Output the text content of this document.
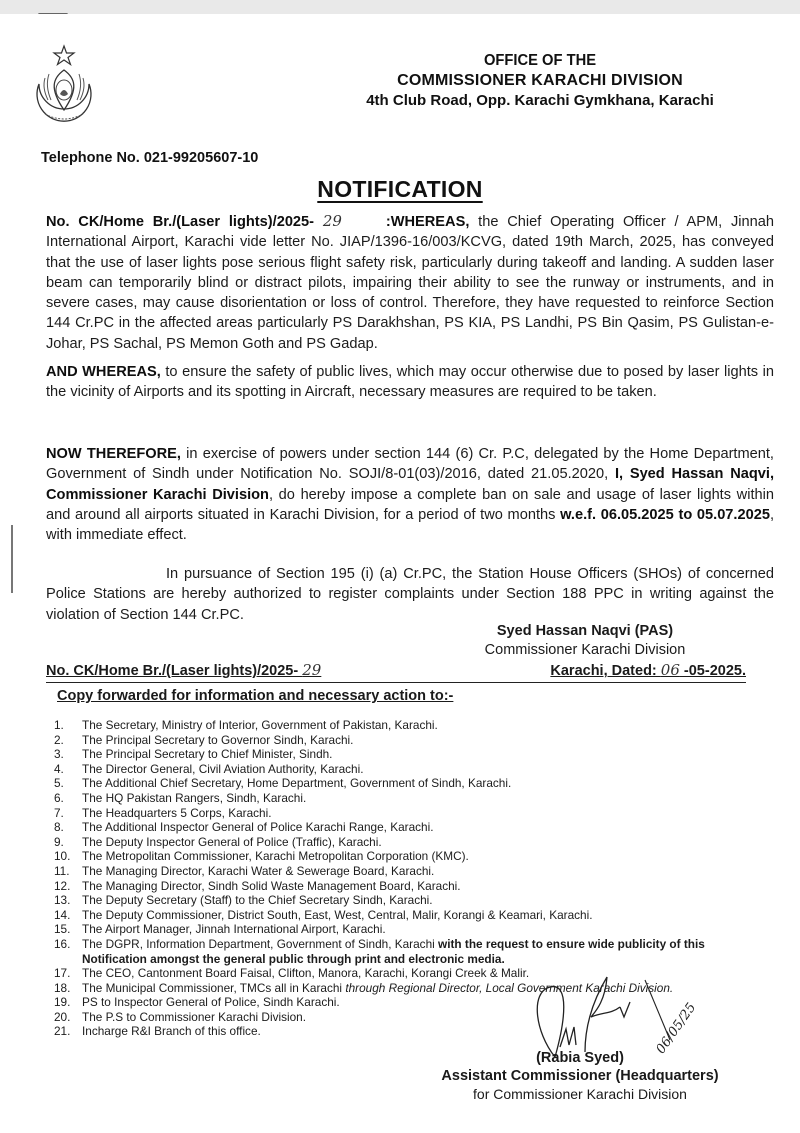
OFFICE OF THE
COMMISSIONER KARACHI DIVISION
4th Club Road, Opp. Karachi Gymkhana, Karachi
Telephone No. 021-99205607-10
NOTIFICATION
No. CK/Home Br./(Laser lights)/2025- 29	:WHEREAS, the Chief Operating Officer / APM, Jinnah International Airport, Karachi vide letter No. JIAP/1396-16/003/KCVG, dated 19th March, 2025, has conveyed that the use of laser lights pose serious flight safety risk, particularly during takeoff and landing. A sudden laser beam can temporarily blind or distract pilots, impairing their ability to see the runway or instruments, and in severe cases, may cause disorientation or loss of control. Therefore, they have requested to reinforce Section 144 Cr.PC in the affected areas particularly PS Darakhshan, PS KIA, PS Landhi, PS Bin Qasim, PS Gulistan-e-Johar, PS Sachal, PS Memon Goth and PS Gadap.
AND WHEREAS, to ensure the safety of public lives, which may occur otherwise due to posed by laser lights in the vicinity of Airports and its spotting in Aircraft, necessary measures are required to be taken.
NOW THEREFORE, in exercise of powers under section 144 (6) Cr. P.C, delegated by the Home Department, Government of Sindh under Notification No. SOJI/8-01(03)/2016, dated 21.05.2020, I, Syed Hassan Naqvi, Commissioner Karachi Division, do hereby impose a complete ban on sale and usage of laser lights within and around all airports situated in Karachi Division, for a period of two months w.e.f. 06.05.2025 to 05.07.2025, with immediate effect.
In pursuance of Section 195 (i) (a) Cr.PC, the Station House Officers (SHOs) of concerned Police Stations are hereby authorized to register complaints under Section 188 PPC in writing against the violation of Section 144 Cr.PC.
Syed Hassan Naqvi (PAS)
Commissioner Karachi Division
No. CK/Home Br./(Laser lights)/2025- 29	Karachi, Dated: 06 -05-2025.
Copy forwarded for information and necessary action to:-
1.	The Secretary, Ministry of Interior, Government of Pakistan, Karachi.
2.	The Principal Secretary to Governor Sindh, Karachi.
3.	The Principal Secretary to Chief Minister, Sindh.
4.	The Director General, Civil Aviation Authority, Karachi.
5.	The Additional Chief Secretary, Home Department, Government of Sindh, Karachi.
6.	The HQ Pakistan Rangers, Sindh, Karachi.
7.	The Headquarters 5 Corps, Karachi.
8.	The Additional Inspector General of Police Karachi Range, Karachi.
9.	The Deputy Inspector General of Police (Traffic), Karachi.
10. The Metropolitan Commissioner, Karachi Metropolitan Corporation (KMC).
11.	The Managing Director, Karachi Water & Sewerage Board, Karachi.
12. The Managing Director, Sindh Solid Waste Management Board, Karachi.
13. The Deputy Secretary (Staff) to the Chief Secretary Sindh, Karachi.
14. The Deputy Commissioner, District South, East, West, Central, Malir, Korangi & Keamari, Karachi.
15. The Airport Manager, Jinnah International Airport, Karachi.
16. The DGPR, Information Department, Government of Sindh, Karachi with the request to ensure wide publicity of this Notification amongst the general public through print and electronic media.
17. The CEO, Cantonment Board Faisal, Clifton, Manora, Karachi, Korangi Creek & Malir.
18. The Municipal Commissioner, TMCs all in Karachi through Regional Director, Local Government Karachi Division.
19. PS to Inspector General of Police, Sindh Karachi.
20. The P.S to Commissioner Karachi Division.
21. Incharge R&I Branch of this office.	06/05/25
(Rabia Syed)
Assistant Commissioner (Headquarters)
for Commissioner Karachi Division
